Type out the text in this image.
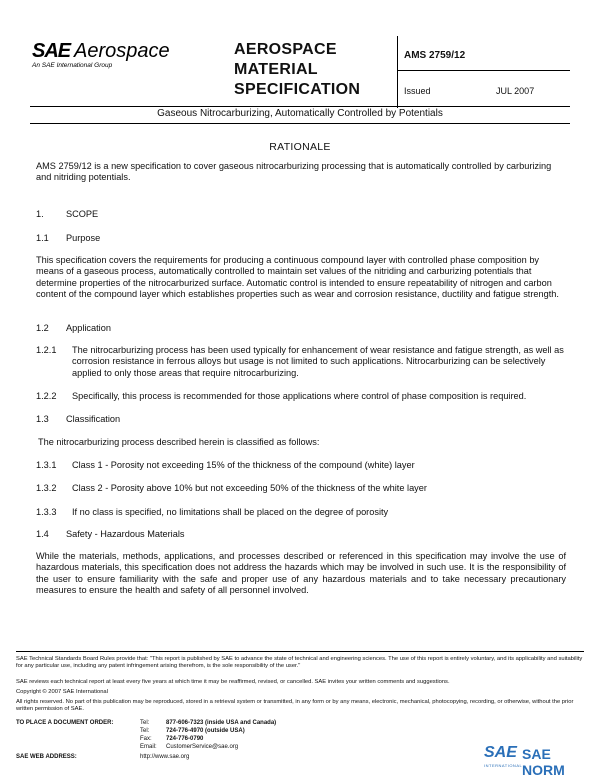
SAE Aerospace
An SAE International Group
AEROSPACE
MATERIAL
SPECIFICATION
AMS 2759/12
Issued	JUL 2007
Gaseous Nitrocarburizing, Automatically Controlled by Potentials
RATIONALE
AMS 2759/12 is a new specification to cover gaseous nitrocarburizing processing that is automatically controlled by carburizing and nitriding potentials.
1. SCOPE
1.1 Purpose
This specification covers the requirements for producing a continuous compound layer with controlled phase composition by means of a gaseous process, automatically controlled to maintain set values of the nitriding and carburizing potentials that determine properties of the nitrocarburized surface. Automatic control is intended to ensure repeatability of nitrogen and carbon content of the compound layer which establishes properties such as wear and corrosion resistance, ductility and fatigue strength.
1.2 Application
1.2.1 The nitrocarburizing process has been used typically for enhancement of wear resistance and fatigue strength, as well as corrosion resistance in ferrous alloys but usage is not limited to such applications. Nitrocarburizing can be selectively applied to only those areas that require nitrocarburizing.
1.2.2 Specifically, this process is recommended for those applications where control of phase composition is required.
1.3 Classification
The nitrocarburizing process described herein is classified as follows:
1.3.1 Class 1 - Porosity not exceeding 15% of the thickness of the compound (white) layer
1.3.2 Class 2 - Porosity above 10% but not exceeding 50% of the thickness of the white layer
1.3.3 If no class is specified, no limitations shall be placed on the degree of porosity
1.4 Safety - Hazardous Materials
While the materials, methods, applications, and processes described or referenced in this specification may involve the use of hazardous materials, this specification does not address the hazards which may be involved in such use. It is the responsibility of the user to ensure familiarity with the safe and proper use of any hazardous materials and to take necessary precautionary measures to ensure the health and safety of all personnel involved.
SAE Technical Standards Board Rules provide that: "This report is published by SAE to advance the state of technical and engineering sciences. The use of this report is entirely voluntary, and its applicability and suitability for any particular use, including any patent infringement arising therefrom, is the sole responsibility of the user."
SAE reviews each technical report at least every five years at which time it may be reaffirmed, revised, or cancelled. SAE invites your written comments and suggestions.
Copyright © 2007 SAE International
All rights reserved. No part of this publication may be reproduced, stored in a retrieval system or transmitted, in any form or by any means, electronic, mechanical, photocopying, recording, or otherwise, without the prior written permission of SAE.
TO PLACE A DOCUMENT ORDER:	Tel:	877-606-7323 (inside USA and Canada)
Tel:	724-776-4970 (outside USA)
Fax: 724-776-0790
Email: CustomerService@sae.org
SAE WEB ADDRESS:	http://www.sae.org	SAE SAE NORM
INTERNATIONAL
